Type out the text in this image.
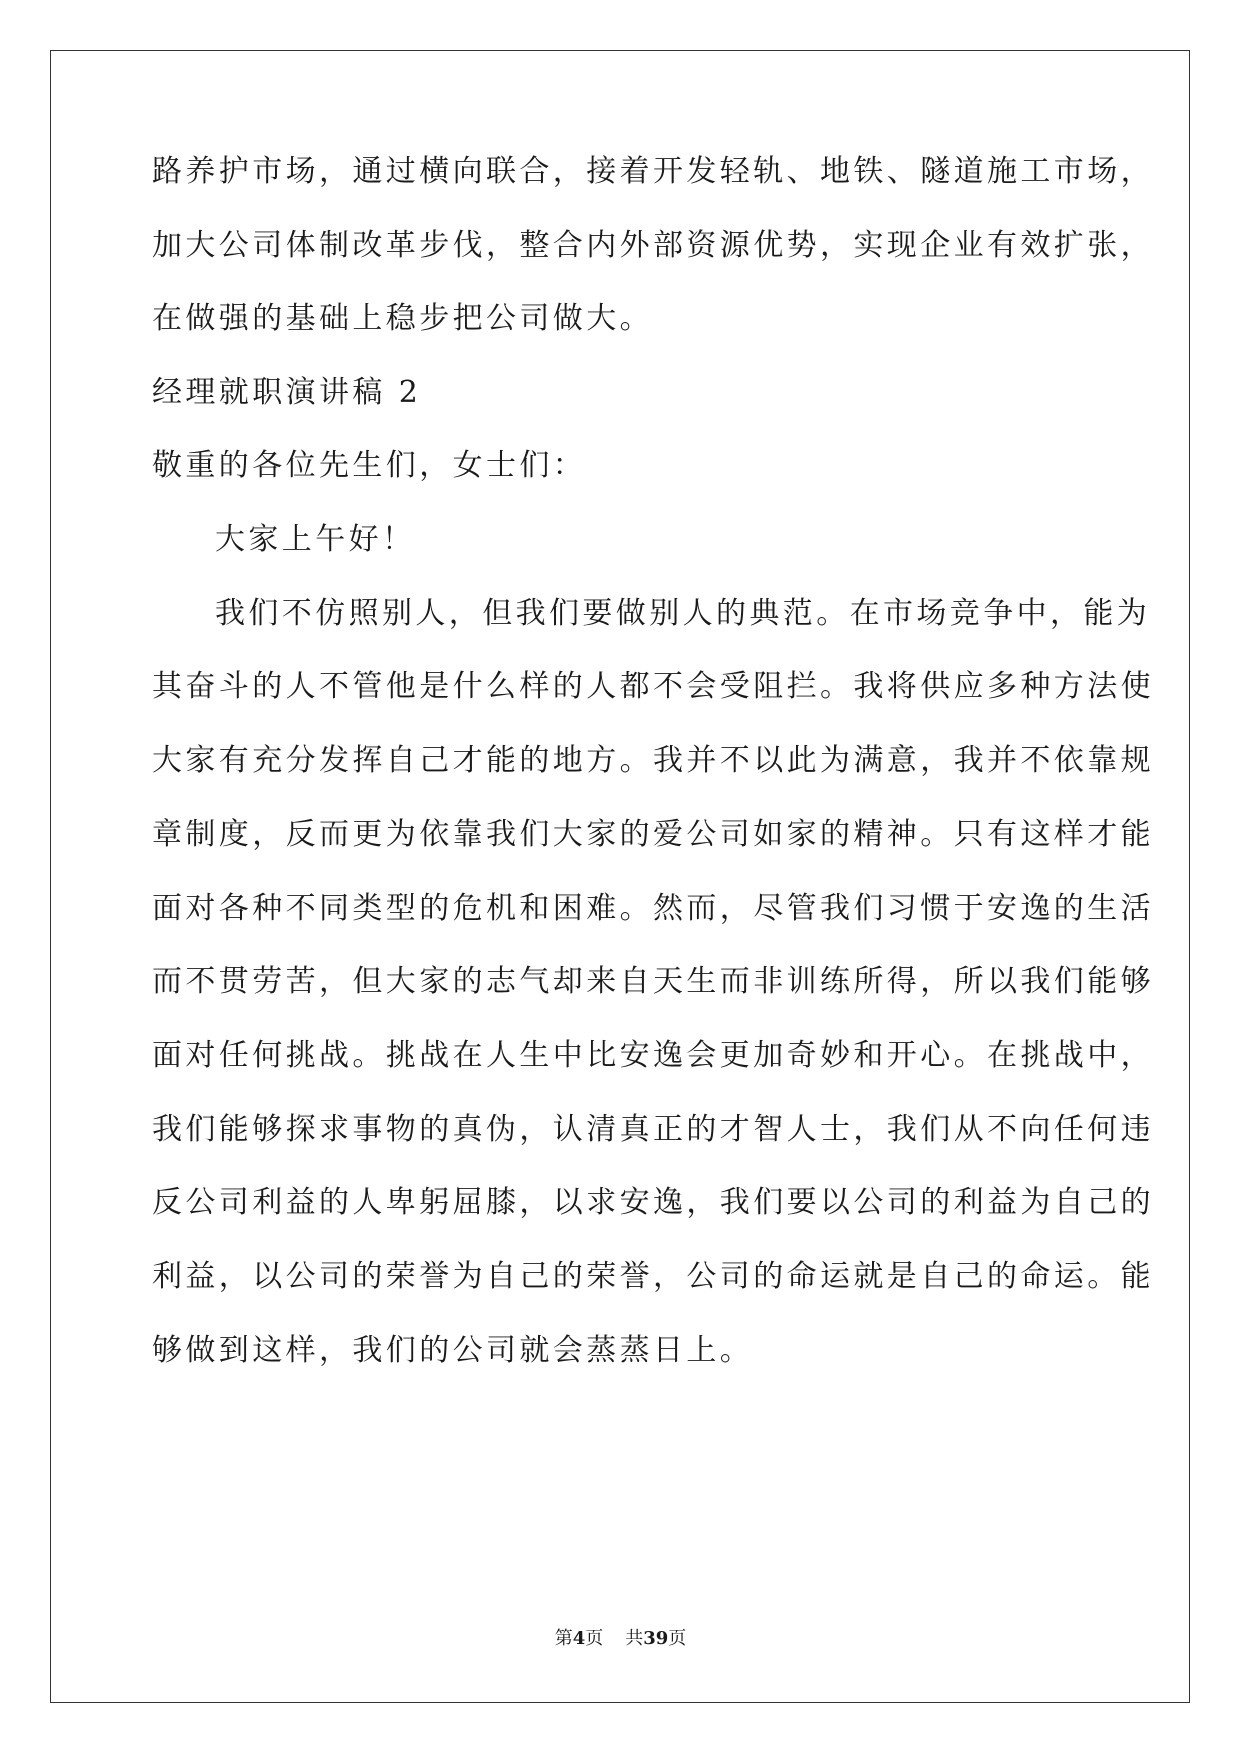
路养护市场，通过横向联合，接着开发轻轨、地铁、隧道施工市场，
加大公司体制改革步伐，整合内外部资源优势，实现企业有效扩张，
在做强的基础上稳步把公司做大。
经理就职演讲稿 2
敬重的各位先生们，女士们：
大家上午好！
我们不仿照别人，但我们要做别人的典范。在市场竞争中，能为
其奋斗的人不管他是什么样的人都不会受阻拦。我将供应多种方法使
大家有充分发挥自己才能的地方。我并不以此为满意，我并不依靠规
章制度，反而更为依靠我们大家的爱公司如家的精神。只有这样才能
面对各种不同类型的危机和困难。然而，尽管我们习惯于安逸的生活
而不贯劳苦，但大家的志气却来自天生而非训练所得，所以我们能够
面对任何挑战。挑战在人生中比安逸会更加奇妙和开心。在挑战中，
我们能够探求事物的真伪，认清真正的才智人士，我们从不向任何违
反公司利益的人卑躬屈膝，以求安逸，我们要以公司的利益为自己的
利益，以公司的荣誉为自己的荣誉，公司的命运就是自己的命运。能
够做到这样，我们的公司就会蒸蒸日上。
第4页 共39页
